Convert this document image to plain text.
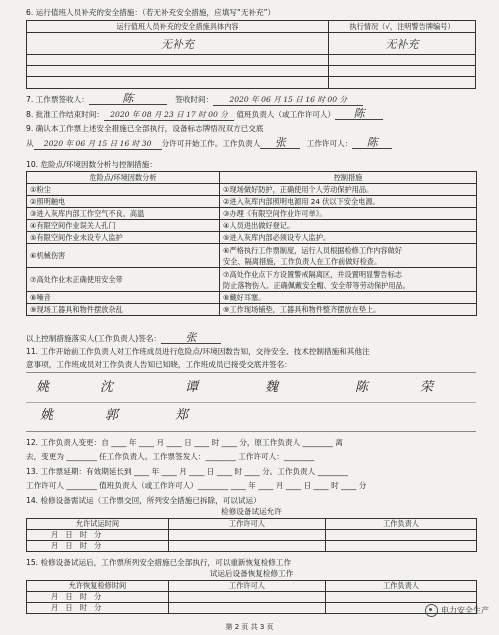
6. 运行值班人员补充的安全措施：（若无补充安全措施，应填写“无补充”）
运行值班人员补充的安全措施具体内容	执行情况（√，注明警告牌编号）
无补充	无补充

7. 工作票签收人：	陈	签收时间： 2020 年 06 月 15 日 16 时 00 分
8. 批准工作结束时间： 2020 年 08 月 23 日 17 时 00 分 值班负责人（或工作许可人） 陈
9. 确认本工作票上述安全措施已全部执行，设备标志牌悟况双方已交底
从 2020 年 06 月 15 日 16 时 30 分许可开始工作。工作负责人 张	工作许可人： 陈
10. 危险点/环境因数分析与控制措施：
危险点/环境因数分析	控制措施
①粉尘	①现场做好防护，正确使用个人劳动保护用品。
②照明触电	②进入灰库内部照明电源用 24 伏以下安全电源。
③进入灰库内部工作空气不良、高温	③办理《有限空间作业许可单》。
④有限空间作业误关人孔门	④人员进出做好登记。
⑤有限空间作业未设专人监护	⑤进入灰库内部必须设专人监护。
⑥机械伤害	⑥严格执行工作票制度，运行人员根据检修工作内容做好
安全、隔离措施，工作负责人在工作前做好检查。

⑦高处作业未正确使用安全带	⑦高处作业点下方设置警戒隔离区，并设置明显警告标志
防止落物伤人。正确佩戴安全帽、安全带等劳动保护用品。

⑧噪音	⑧戴好耳塞。
⑨现场工器具和物件摆放杂乱	⑨工作现场铺垫，工器具和物件整齐摆放在垫上。
以上控制措施落实人(工作负责人)签名： 张
11. 工作开始前工作负责人对工作班成员进行危险点/环境因数告知，交待安全、技术控制措施和其他注
意事项，工作班成员对工作负责人告知已知晓，工作班成员已接受交底并签名：
姚	沈	谭	魏	陈	荣
姚	郭	郑
12. 工作负责人变更：自 ____ 年 ____ 月 ____ 日 ____ 时 ____ 分，原工作负责人 ________ 离
去，变更为 ________ 任工作负责人。工作票签发人：________ 工作许可人：________
13. 工作票延期：有效期延长到 ____ 年 ____ 月 ____ 日 ____ 时 ____ 分。工作负责人 ________
工作许可人 ________ 值班负责人（或工作许可人）________ ____ 年 ____ 月 ____ 日 ____ 时 ____ 分
14. 检修设备需试运（工作票交回，所列安全措施已拆除，可以试运）
检修设备试运允许
允许试运时间	工作许可人	工作负责人
月　日　时　分		
月　日　时　分		
15. 检修设备试运后，工作票所列安全措施已全部执行，可以重新恢复检修工作
试运后设备恢复检修工作
允许恢复检修时间	工作许可人	工作负责人
月　日　时　分		
月　日　时　分			电力安全生产
第 2 页 共 3 页
